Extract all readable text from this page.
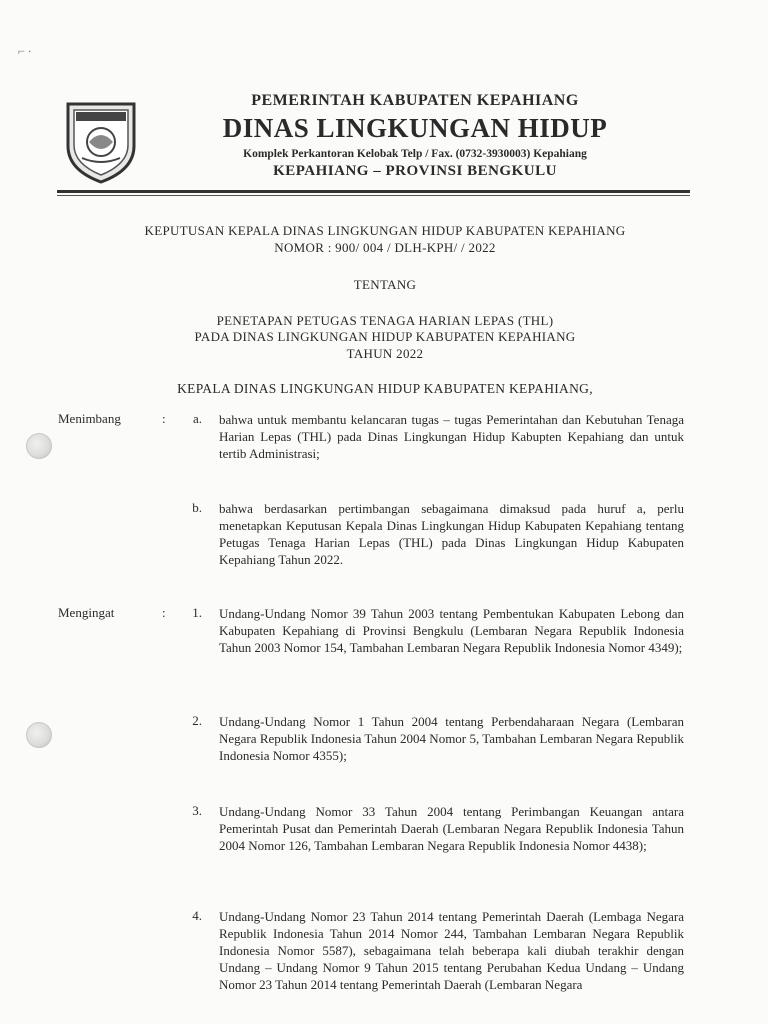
⌐ ·
PEMERINTAH KABUPATEN KEPAHIANG
DINAS LINGKUNGAN HIDUP
Komplek Perkantoran Kelobak Telp / Fax. (0732-3930003) Kepahiang
KEPAHIANG – PROVINSI BENGKULU
KEPUTUSAN KEPALA DINAS LINGKUNGAN HIDUP KABUPATEN KEPAHIANG
NOMOR : 900/ 004 / DLH-KPH/ / 2022
TENTANG
PENETAPAN PETUGAS TENAGA HARIAN LEPAS (THL)
PADA DINAS LINGKUNGAN HIDUP KABUPATEN KEPAHIANG
TAHUN 2022
KEPALA DINAS LINGKUNGAN HIDUP KABUPATEN KEPAHIANG,
Menimbang	:	a. bahwa untuk membantu kelancaran tugas – tugas Pemerintahan dan Kebutuhan Tenaga Harian Lepas (THL) pada Dinas Lingkungan Hidup Kabupten Kepahiang dan untuk tertib Administrasi;
b. bahwa berdasarkan pertimbangan sebagaimana dimaksud pada huruf a, perlu menetapkan Keputusan Kepala Dinas Lingkungan Hidup Kabupaten Kepahiang tentang Petugas Tenaga Harian Lepas (THL) pada Dinas Lingkungan Hidup Kabupaten Kepahiang Tahun 2022.
Mengingat	:	1. Undang-Undang Nomor 39 Tahun 2003 tentang Pembentukan Kabupaten Lebong dan Kabupaten Kepahiang di Provinsi Bengkulu (Lembaran Negara Republik Indonesia Tahun 2003 Nomor 154, Tambahan Lembaran Negara Republik Indonesia Nomor 4349);
2. Undang-Undang Nomor 1 Tahun 2004 tentang Perbendaharaan Negara (Lembaran Negara Republik Indonesia Tahun 2004 Nomor 5, Tambahan Lembaran Negara Republik Indonesia Nomor 4355);
3. Undang-Undang Nomor 33 Tahun 2004 tentang Perimbangan Keuangan antara Pemerintah Pusat dan Pemerintah Daerah (Lembaran Negara Republik Indonesia Tahun 2004 Nomor 126, Tambahan Lembaran Negara Republik Indonesia Nomor 4438);
4. Undang-Undang Nomor 23 Tahun 2014 tentang Pemerintah Daerah (Lembaga Negara Republik Indonesia Tahun 2014 Nomor 244, Tambahan Lembaran Negara Republik Indonesia Nomor 5587), sebagaimana telah beberapa kali diubah terakhir dengan Undang – Undang Nomor 9 Tahun 2015 tentang Perubahan Kedua Undang – Undang Nomor 23 Tahun 2014 tentang Pemerintah Daerah (Lembaran Negara
